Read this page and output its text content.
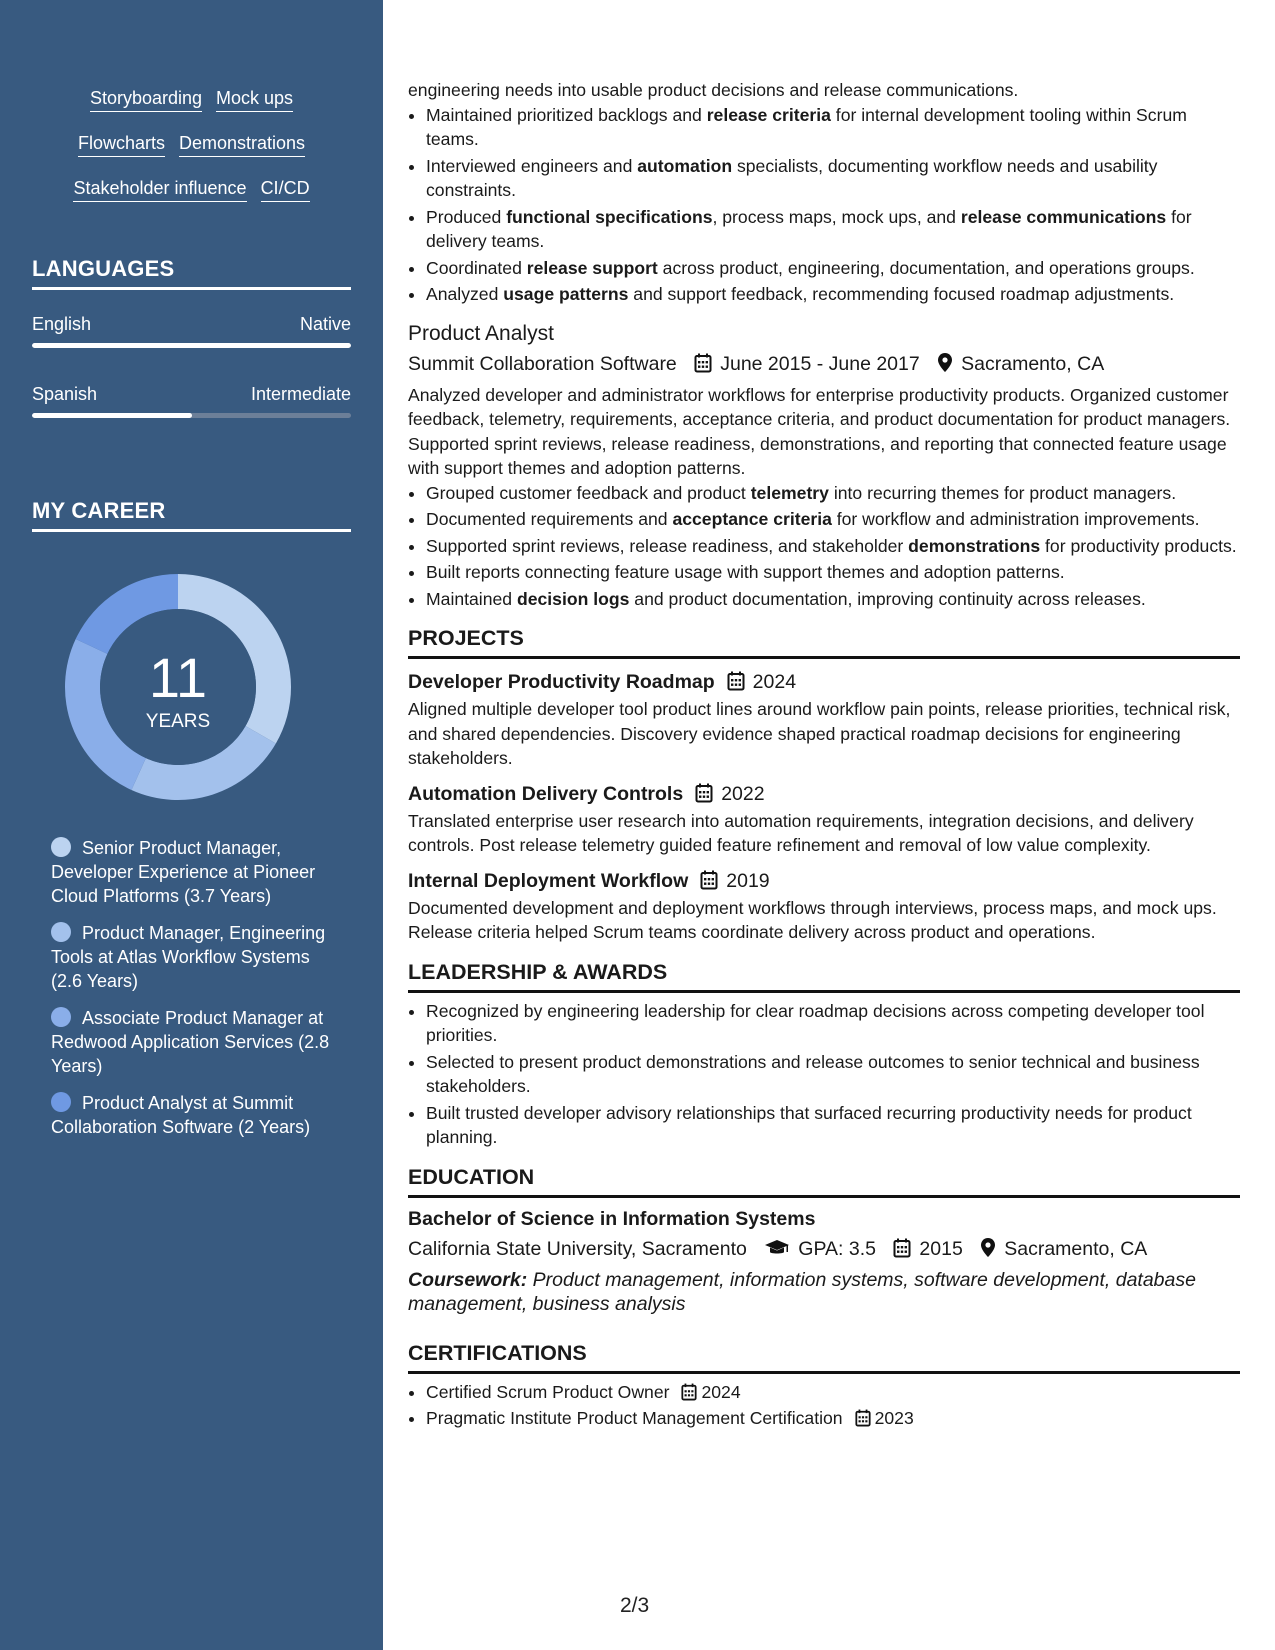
Storyboarding Mock ups
Flowcharts Demonstrations
Stakeholder influence CI/CD
LANGUAGES
English	Native
Spanish	Intermediate
MY CAREER
11
YEARS
Senior Product Manager, Developer Experience at Pioneer Cloud Platforms (3.7 Years)
Product Manager, Engineering Tools at Atlas Workflow Systems (2.6 Years)
Associate Product Manager at Redwood Application Services (2.8 Years)
Product Analyst at Summit Collaboration Software (2 Years)

engineering needs into usable product decisions and release communications.

• Maintained prioritized backlogs and release criteria for internal development tooling within Scrum teams.
• Interviewed engineers and automation specialists, documenting workflow needs and usability constraints.
• Produced functional specifications, process maps, mock ups, and release communications for delivery teams.
• Coordinated release support across product, engineering, documentation, and operations groups.
• Analyzed usage patterns and support feedback, recommending focused roadmap adjustments.
Product Analyst
Summit Collaboration Software June 2015 - June 2017 Sacramento, CA

Analyzed developer and administrator workflows for enterprise productivity products. Organized customer feedback, telemetry, requirements, acceptance criteria, and product documentation for product managers. Supported sprint reviews, release readiness, demonstrations, and reporting that connected feature usage with support themes and adoption patterns.

• Grouped customer feedback and product telemetry into recurring themes for product managers.
• Documented requirements and acceptance criteria for workflow and administration improvements.
• Supported sprint reviews, release readiness, and stakeholder demonstrations for productivity products.
• Built reports connecting feature usage with support themes and adoption patterns.
• Maintained decision logs and product documentation, improving continuity across releases.
PROJECTS
Developer Productivity Roadmap 2024

Aligned multiple developer tool product lines around workflow pain points, release priorities, technical risk, and shared dependencies. Discovery evidence shaped practical roadmap decisions for engineering stakeholders.

Automation Delivery Controls 2022

Translated enterprise user research into automation requirements, integration decisions, and delivery controls. Post release telemetry guided feature refinement and removal of low value complexity.

Internal Deployment Workflow 2019

Documented development and deployment workflows through interviews, process maps, and mock ups. Release criteria helped Scrum teams coordinate delivery across product and operations.

LEADERSHIP & AWARDS
• Recognized by engineering leadership for clear roadmap decisions across competing developer tool priorities.
• Selected to present product demonstrations and release outcomes to senior technical and business stakeholders.
• Built trusted developer advisory relationships that surfaced recurring productivity needs for product planning.
EDUCATION
Bachelor of Science in Information Systems
California State University, Sacramento	GPA: 3.5 2015 Sacramento, CA

Coursework: Product management, information systems, software development, database management, business analysis

CERTIFICATIONS
• Certified Scrum Product Owner 2024
• Pragmatic Institute Product Management Certification 2023
2/3
